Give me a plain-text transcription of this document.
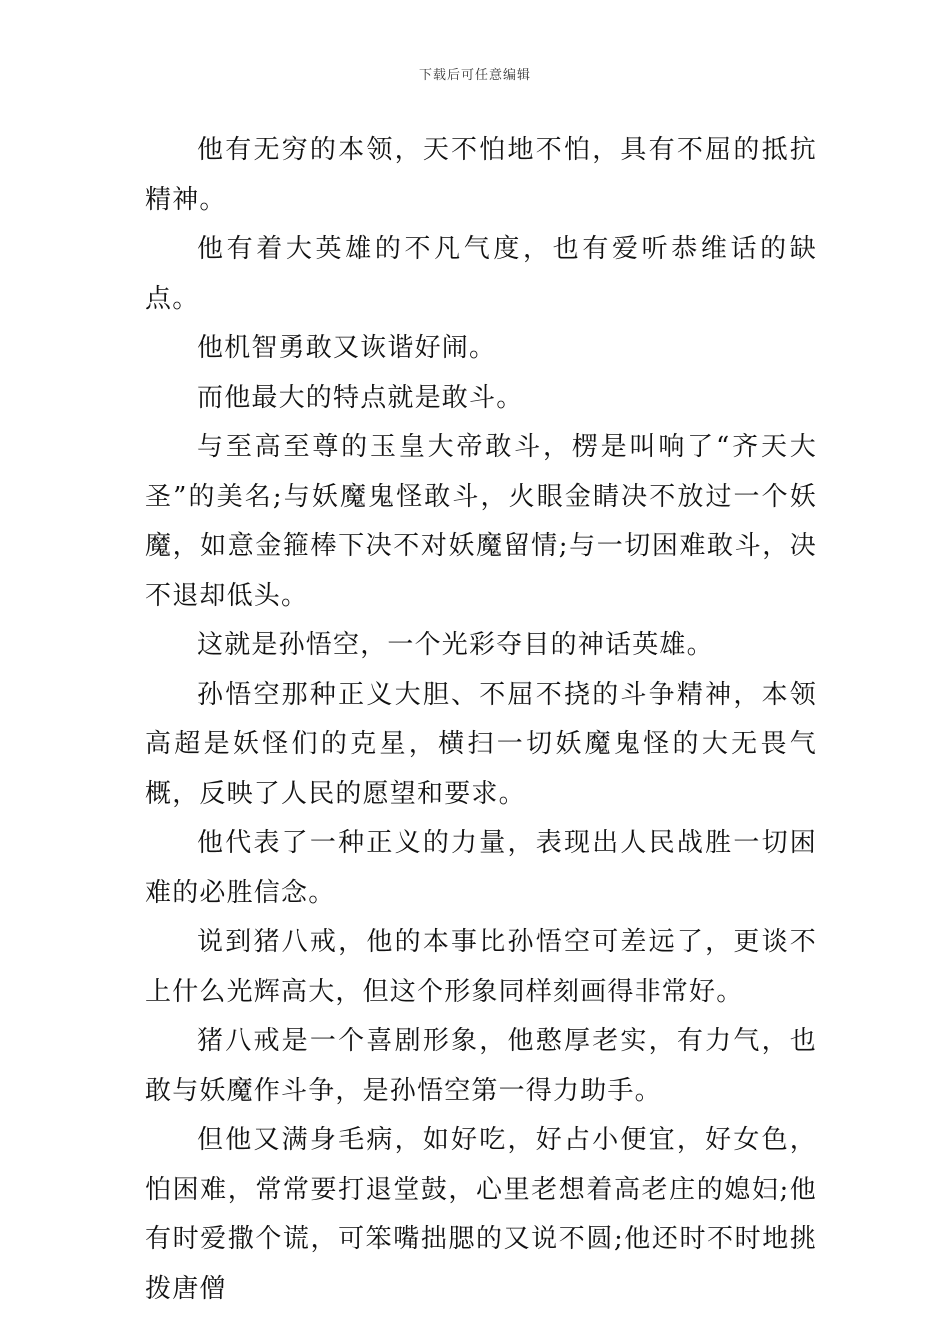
下载后可任意编辑

他有无穷的本领，天不怕地不怕，具有不屈的抵抗精神。

他有着大英雄的不凡气度，也有爱听恭维话的缺点。

他机智勇敢又诙谐好闹。

而他最大的特点就是敢斗。

与至高至尊的玉皇大帝敢斗，楞是叫响了“齐天大圣”的美名;与妖魔鬼怪敢斗，火眼金睛决不放过一个妖魔，如意金箍棒下决不对妖魔留情;与一切困难敢斗，决不退却低头。

这就是孙悟空，一个光彩夺目的神话英雄。

孙悟空那种正义大胆、不屈不挠的斗争精神，本领高超是妖怪们的克星，横扫一切妖魔鬼怪的大无畏气概，反映了人民的愿望和要求。

他代表了一种正义的力量，表现出人民战胜一切困难的必胜信念。

说到猪八戒，他的本事比孙悟空可差远了，更谈不上什么光辉高大，但这个形象同样刻画得非常好。

猪八戒是一个喜剧形象，他憨厚老实，有力气，也敢与妖魔作斗争，是孙悟空第一得力助手。

但他又满身毛病，如好吃，好占小便宜，好女色，怕困难，常常要打退堂鼓，心里老想着高老庄的媳妇;他有时爱撒个谎，可笨嘴拙腮的又说不圆;他还时不时地挑拨唐僧
